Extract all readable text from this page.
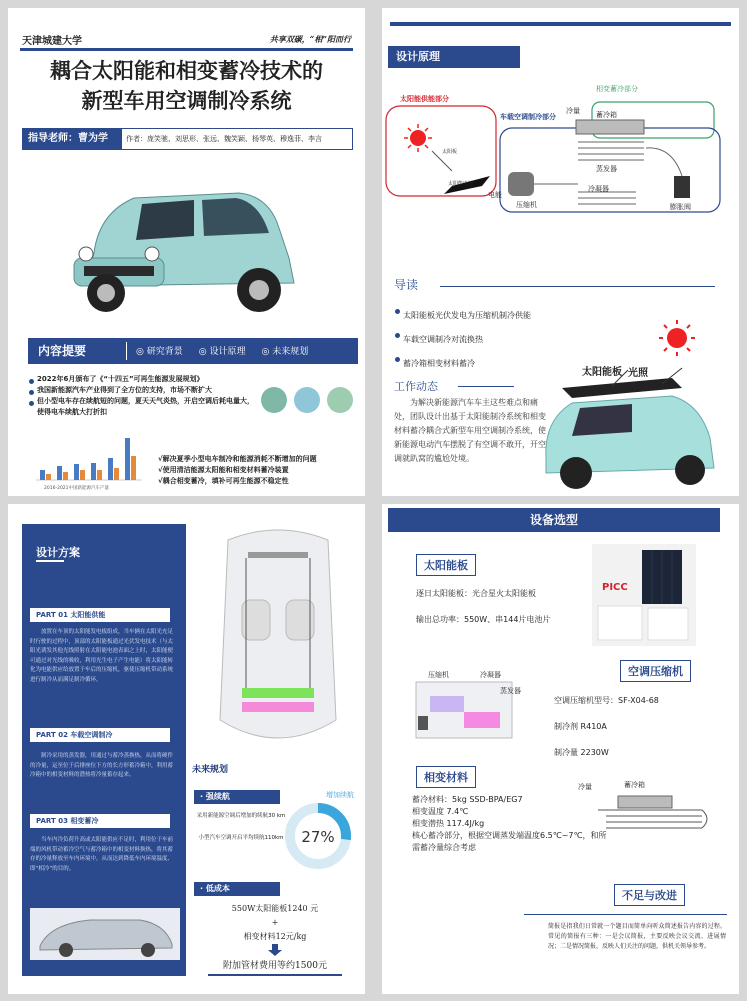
天津城建大学	共享双碳，“相”阳而行
耦合太阳能和相变蓄冷技术的
新型车用空调制冷系统
指导老师：曹为学	作者：庞笑驰、刘思形、张远、魏笑颖、杨琴英、穆逸菲、李言
内容提要	◎ 研究背景 ◎ 设计原理 ◎ 未来规划
2022年6月颁布了《“十四五”可再生能源发展规划》
我国新能源汽车产业得到了全方位的支持，市场不断扩大
但小型电车存在续航短的问题，夏天天气炎热，开启空调后耗电量大，使得电车续航大打折扣
2016-2021中国新能源汽车产量
√解决夏季小型电车制冷和能源消耗不断增加的问题
√使用清洁能源太阳能和相变材料蓄冷装置
√耦合相变蓄冷，填补可再生能源不稳定性
设计原理
太阳能供能部分
车载空调制冷部分
相变蓄冷部分
冷量 蓄冷箱
蒸发器
压缩机
冷凝器
膨胀阀
太阳板
太阳能电池
电能
导读
太阳能板光伏发电为压缩机制冷供能
车载空调制冷对流换热
蓄冷箱相变材料蓄冷
太阳能板 光照
工作动态
为解决新能源汽车车主这些难点和痛处，团队设计出基于太阳能制冷系统和相变材料蓄冷耦合式新型车用空调制冷系统，使新能源电动汽车摆脱了有空调不敢开，开空调就趴窝的尴尬处境。
设计方案
PART 01 太阳能供能
放置在车顶的太阳能发电板组成，当车辆在太阳光充足时行驶的过程中，顶部的太阳能板通过光伏发电技术（与太阳光诱发其他光线照射在太阳能电池表面之上时，太阳能便可通过对光线的吸收，利用光生电子产生电能）将太阳能转化为电能供应给放置于车后的压缩机，驱使压缩机带动系统进行制冷从而满足制冷循环。
PART 02 车载空调制冷
制冷采用的蒸发器，用通过与蓄冷蒸换热，从而将硬件的冷量，运至位于后排座位下方的长方形蓄冷箱中，利用蓄冷箱中的相变材料的潜热将冷量蓄存起来。
PART 03 相变蓄冷
当车内冷负荷升高或太阳能供应不足时，利用位于车前端的风机带动蓄冷空气与蓄冷箱中的相变材料换热，将其蓄存的冷量释放至车内环境中，从而达到降低车内环境温度、即“相冷”的目的。
未来规划
· 强续航
采用新能源空调后增加的续航30 km
小型汽车空调开启平均续航110km
增加续航
27%
· 低成本
550W太阳能板1240 元
+
相变材料12元/kg
附加管材费用等约1500元
设备选型
太阳能板
逐日太阳能板：光合星火太阳能板
输出总功率：550W、串144片电池片
PICC
空调压缩机
压缩机	冷凝器
蒸发器
空调压缩机型号：SF-X04-68
制冷剂 R410A
制冷量 2230W
相变材料
蓄冷材料：5kg SSD-BPA/EG7
相变温度 7.4℃
相变潜热 117.4J/kg
核心蓄冷部分，根据空调蒸发端温度6.5℃~7℃，和所需蓄冷量综合考虑
冷量	蓄冷箱
不足与改进
简报是指我们日常就一个题目而简单向听众简述报告内容的过程。常见的简报有三种：一是会议简报，主要反映会议交流、进展情况；二是情况简报，反映人们关注的问题，供机关领导参考。
